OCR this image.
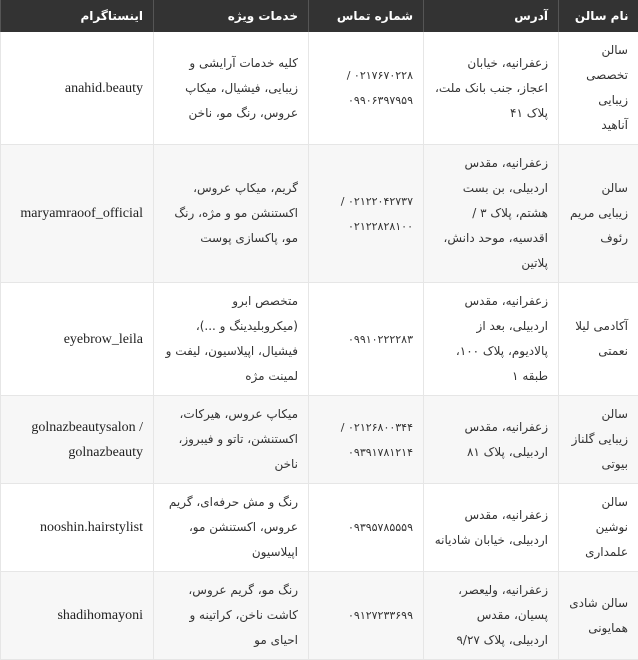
نام سالن	آدرس	شماره تماس	خدمات ویژه	اینستاگرام
سالن تخصصی زیبایی آناهید	زعفرانیه، خیابان اعجاز، جنب بانک ملت، پلاک ۴۱	۰۲۱۷۶۷۰۲۲۸ / ۰۹۹۰۶۳۹۷۹۵۹	کلیه خدمات آرایشی و زیبایی، فیشیال، میکاپ عروس، رنگ مو، ناخن	anahid.beauty
سالن زیبایی مریم رئوف	زعفرانیه، مقدس اردبیلی، بن بست هشتم، پلاک ۳ / اقدسیه، موحد دانش، پلاتین	۰۲۱۲۲۰۴۲۷۳۷ / ۰۲۱۲۲۸۲۸۱۰۰	گریم، میکاپ عروس، اکستنشن مو و مژه، رنگ مو، پاکسازی پوست	maryamraoof_official
آکادمی لیلا نعمتی	زعفرانیه، مقدس اردبیلی، بعد از پالادیوم، پلاک ۱۰۰، طبقه ۱	۰۹۹۱۰۲۲۲۲۸۳	متخصص ابرو (میکروبلیدینگ و ...)، فیشیال، اپیلاسیون، لیفت و لمینت مژه	eyebrow_leila
سالن زیبایی گلناز بیوتی	زعفرانیه، مقدس اردبیلی، پلاک ۸۱	۰۲۱۲۶۸۰۰۳۴۴ / ۰۹۳۹۱۷۸۱۲۱۴	میکاپ عروس، هیرکات، اکستنشن، تاتو و فیبروز، ناخن	golnazbeautysalon / golnazbeauty
سالن نوشین علمداری	زعفرانیه، مقدس اردبیلی، خیابان شادیانه	۰۹۳۹۵۷۸۵۵۵۹	رنگ و مش حرفه‌ای، گریم عروس، اکستنشن مو، اپیلاسیون	nooshin.hairstylist
سالن شادی همایونی	زعفرانیه، ولیعصر، پسیان، مقدس اردبیلی، پلاک ۹/۲۷	۰۹۱۲۷۲۳۳۶۹۹	رنگ مو، گریم عروس، کاشت ناخن، کراتینه و احیای مو	shadihomayoni
